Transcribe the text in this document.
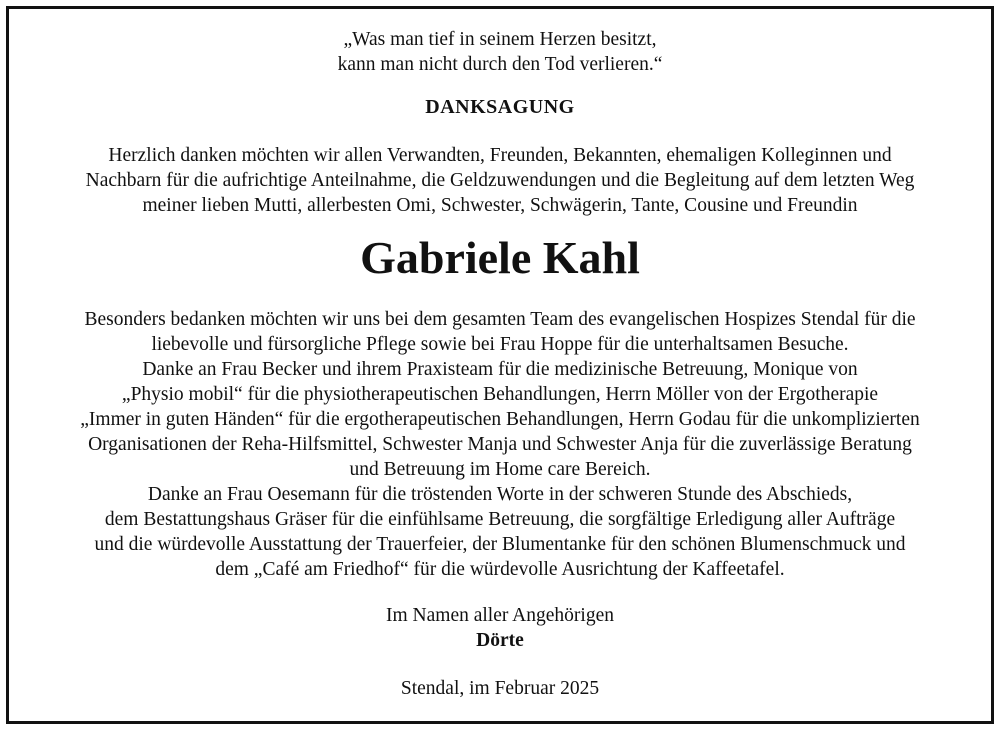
„Was man tief in seinem Herzen besitzt,
kann man nicht durch den Tod verlieren.“
DANKSAGUNG
Herzlich danken möchten wir allen Verwandten, Freunden, Bekannten, ehemaligen Kolleginnen und
Nachbarn für die aufrichtige Anteilnahme, die Geldzuwendungen und die Begleitung auf dem letzten Weg
meiner lieben Mutti, allerbesten Omi, Schwester, Schwägerin, Tante, Cousine und Freundin
Gabriele Kahl
Besonders bedanken möchten wir uns bei dem gesamten Team des evangelischen Hospizes Stendal für die
liebevolle und fürsorgliche Pflege sowie bei Frau Hoppe für die unterhaltsamen Besuche.
Danke an Frau Becker und ihrem Praxisteam für die medizinische Betreuung, Monique von
„Physio mobil“ für die physiotherapeutischen Behandlungen, Herrn Möller von der Ergotherapie
„Immer in guten Händen“ für die ergotherapeutischen Behandlungen, Herrn Godau für die unkomplizierten
Organisationen der Reha-Hilfsmittel, Schwester Manja und Schwester Anja für die zuverlässige Beratung
und Betreuung im Home care Bereich.
Danke an Frau Oesemann für die tröstenden Worte in der schweren Stunde des Abschieds,
dem Bestattungshaus Gräser für die einfühlsame Betreuung, die sorgfältige Erledigung aller Aufträge
und die würdevolle Ausstattung der Trauerfeier, der Blumentanke für den schönen Blumenschmuck und
dem „Café am Friedhof“ für die würdevolle Ausrichtung der Kaffeetafel.
Im Namen aller Angehörigen
Dörte
Stendal, im Februar 2025
